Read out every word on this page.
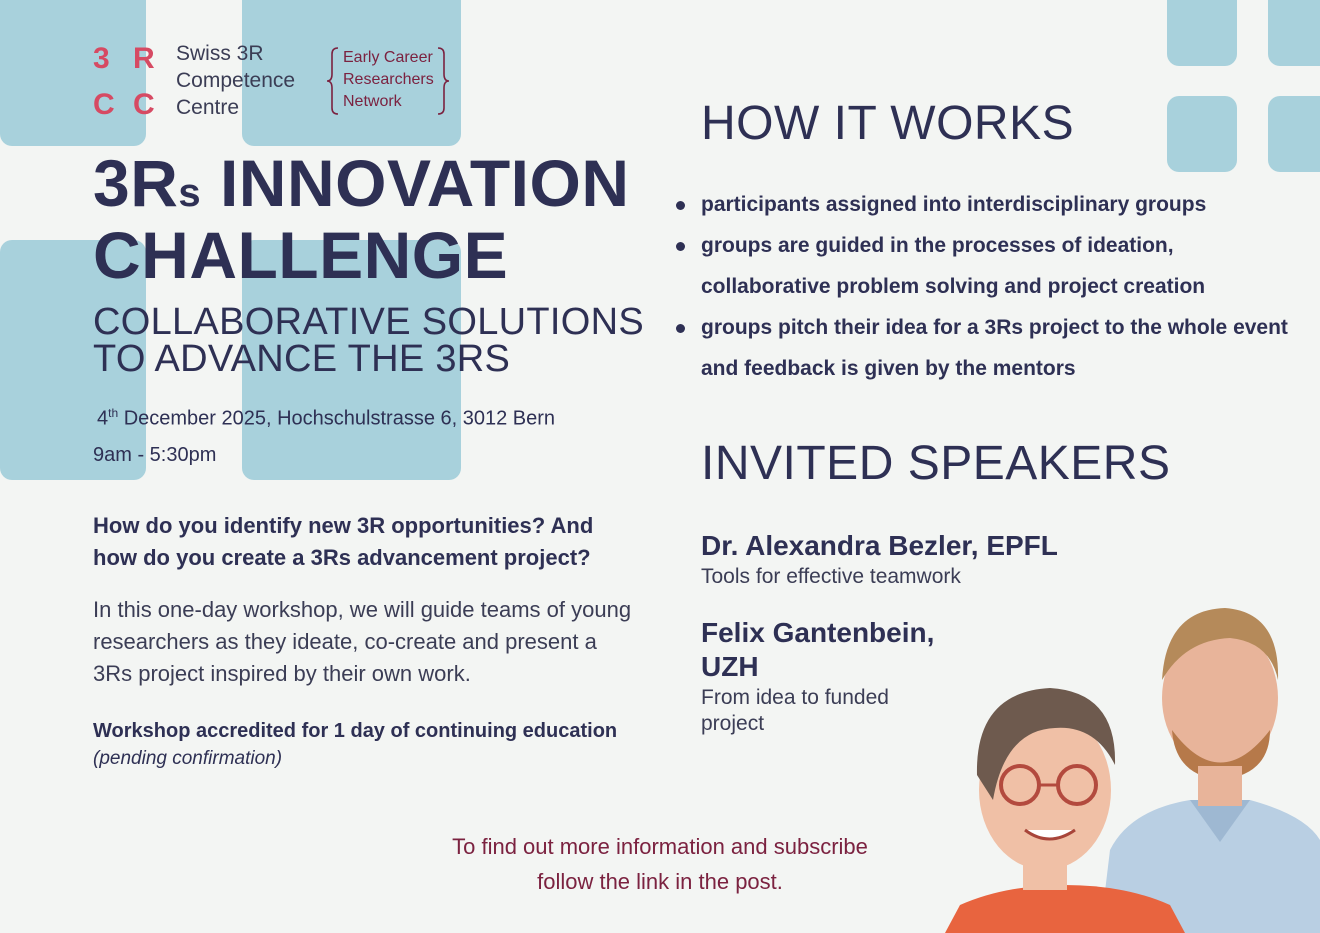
3 R
C C
Swiss 3R
Competence
Centre
Early Career
Researchers
Network
3Rs INNOVATION
CHALLENGE
COLLABORATIVE SOLUTIONS
TO ADVANCE THE 3RS
4th December 2025, Hochschulstrasse 6, 3012 Bern
9am - 5:30pm
How do you identify new 3R opportunities? And how do you create a 3Rs advancement project?
In this one-day workshop, we will guide teams of young researchers as they ideate, co-create and present a 3Rs project inspired by their own work.
Workshop accredited for 1 day of continuing education
(pending confirmation)
HOW IT WORKS
participants assigned into interdisciplinary groups
groups are guided in the processes of ideation, collaborative problem solving and project creation
groups pitch their idea for a 3Rs project to the whole event and feedback is given by the mentors
INVITED SPEAKERS
Dr. Alexandra Bezler, EPFL
Tools for effective teamwork
Felix Gantenbein,
UZH
From idea to funded
project
To find out more information and subscribe
follow the link in the post.
